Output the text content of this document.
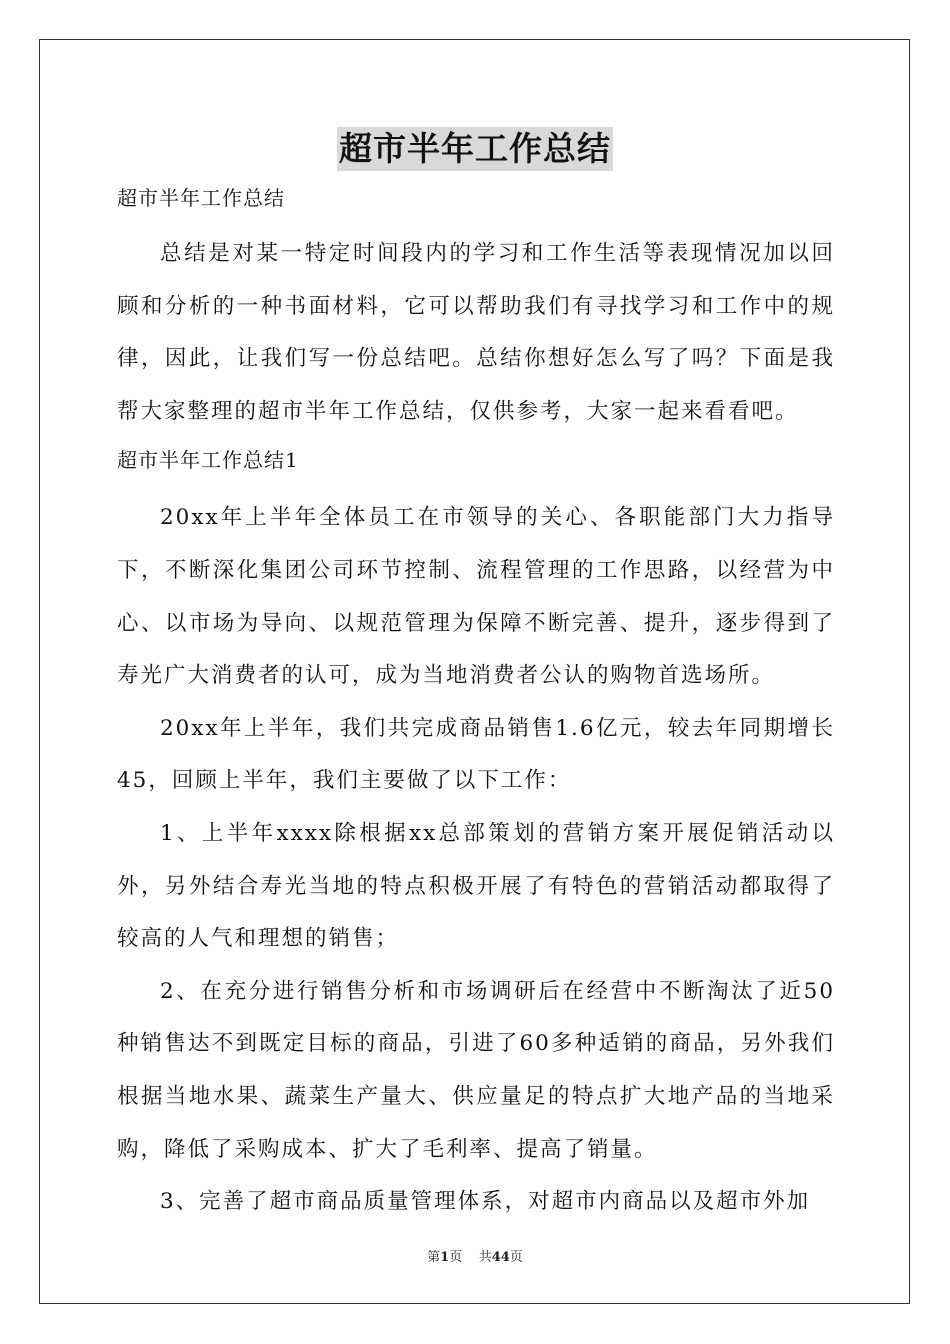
超市半年工作总结
超市半年工作总结

总结是对某一特定时间段内的学习和工作生活等表现情况加以回顾和分析的一种书面材料，它可以帮助我们有寻找学习和工作中的规律，因此，让我们写一份总结吧。总结你想好怎么写了吗？下面是我帮大家整理的超市半年工作总结，仅供参考，大家一起来看看吧。

超市半年工作总结1

20xx年上半年全体员工在市领导的关心、各职能部门大力指导下，不断深化集团公司环节控制、流程管理的工作思路，以经营为中心、以市场为导向、以规范管理为保障不断完善、提升，逐步得到了寿光广大消费者的认可，成为当地消费者公认的购物首选场所。

20xx年上半年，我们共完成商品销售1.6亿元，较去年同期增长45，回顾上半年，我们主要做了以下工作：

1、上半年xxxx除根据xx总部策划的营销方案开展促销活动以外，另外结合寿光当地的特点积极开展了有特色的营销活动都取得了较高的人气和理想的销售；

2、在充分进行销售分析和市场调研后在经营中不断淘汰了近50种销售达不到既定目标的商品，引进了60多种适销的商品，另外我们根据当地水果、蔬菜生产量大、供应量足的特点扩大地产品的当地采购，降低了采购成本、扩大了毛利率、提高了销量。

3、完善了超市商品质量管理体系，对超市内商品以及超市外加

第1页    共44页
